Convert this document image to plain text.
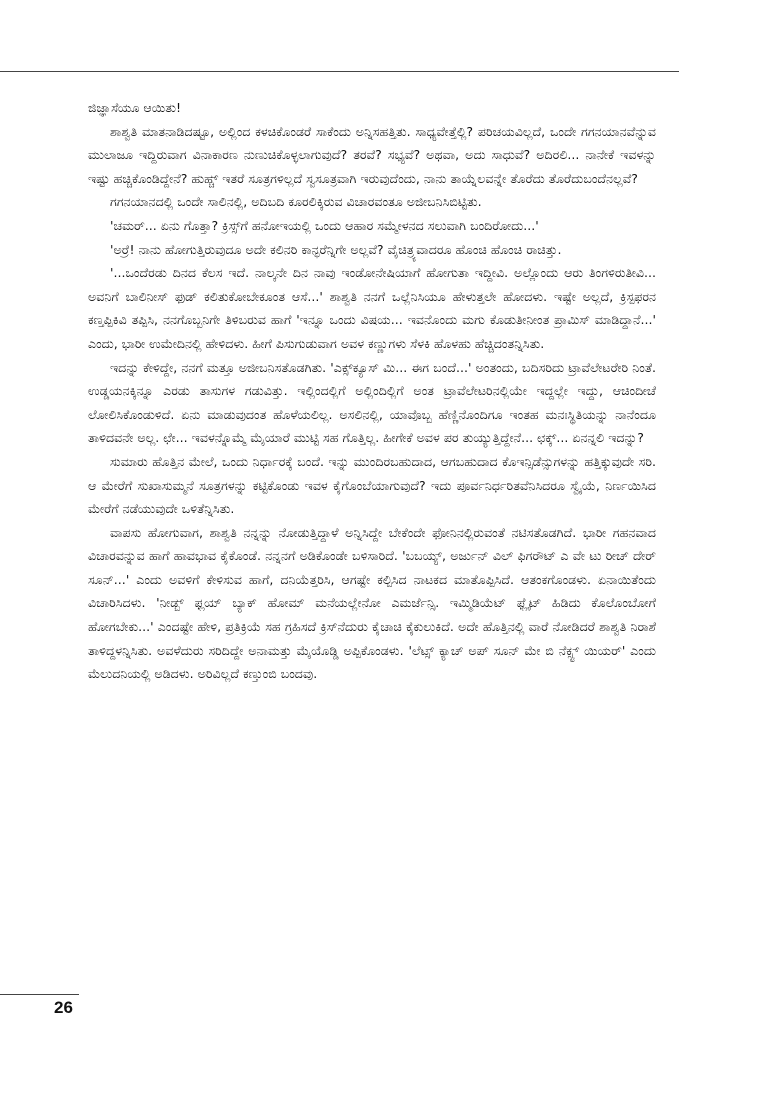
ಜಿಜ್ಞಾಸೆಯೂ ಆಯಿತು!

ಶಾಶ್ವತಿ ಮಾತನಾಡಿದಷ್ಟೂ, ಅಲ್ಲಿಂದ ಕಳಚಿಕೊಂಡರೆ ಸಾಕೆಂದು ಅನ್ನಿಸಹತ್ತಿತು. ಸಾಧ್ಯವೇತ್ತೆಲ್ಲಿ? ಪರಿಚಯವಿಲ್ಲದೆ, ಒಂದೇ ಗಗನಯಾನವೆನ್ನುವ ಮುಲಾಜೂ ಇದ್ದಿರುವಾಗ ವಿನಾಕಾರಣ ನುಣುಚಿಕೊಳ್ಳಲಾಗುವುದೆ? ತರವೆ? ಸಭ್ಯವೆ? ಅಥವಾ, ಅದು ಸಾಧುವೆ? ಅದಿರಲಿ... ನಾನೇಕೆ ಇವಳನ್ನು ಇಷ್ಟು ಹಚ್ಚಿಕೊಂಡಿದ್ದೇನೆ? ಹುಹ್ಚ್ ಇತರೆ ಸೂತ್ರಗಳಿಲ್ಲದೆ ಸ್ವಸೂತ್ರವಾಗಿ ಇರುವುದೆಂದು, ನಾನು ತಾಯ್ನೆಲವನ್ನೇ ತೊರೆದು ತೊರೆದುಬಂದೆನಲ್ಲವೆ?

ಗಗನಯಾನದಲ್ಲಿ ಒಂದೇ ಸಾಲಿನಲ್ಲಿ, ಅದಿಬದಿ ಕೂರಲಿಕ್ಕಿರುವ ವಿಚಾರವಂತೂ ಅಜೀಬನಿಸಿಬಿಟ್ಟಿತು.

'ಚಮರ್... ಏನು ಗೊತ್ತಾ? ಕ್ರಿಸ್ಸ್‌ಗೆ ಹನೋಇಯಲ್ಲಿ ಒಂದು ಆಹಾರ ಸಮ್ಮೇಳನದ ಸಲುವಾಗಿ ಬಂದಿರೋದು...'

'ಅರ್ರೆ! ನಾನು ಹೋಗುತ್ತಿರುವುದೂ ಅದೇ ಕಲಿನರಿ ಕಾನ್ಫರೆನ್ನಿಗೇ ಅಲ್ಲವೆ? ವೈಚಿತ್ರ್ಯವಾದರೂ ಹೊಂಚಿ ಹೊಂಚಿ ರಾಚಿತ್ತು.

'...ಒಂದೆರಡು ದಿನದ ಕೆಲಸ ಇದೆ. ನಾಲ್ಕನೇ ದಿನ ನಾವು ಇಂಡೋನೇಷಿಯಾಗೆ ಹೋಗುತಾ ಇದ್ದೀವಿ. ಅಲ್ಲೊಂದು ಆರು ತಿಂಗಳಿರುತೀವಿ... ಅವನಿಗೆ ಬಾಲಿನೀಸ್ ಫುಡ್ ಕಲಿತುಕೋಬೇಕೂಂತ ಆಸೆ...' ಶಾಶ್ವತಿ ನನಗೆ ಒಲ್ಲೆನಿಸಿಯೂ ಹೇಳುತ್ತಲೇ ಹೋದಳು. ಇಷ್ಟೇ ಅಲ್ಲದೆ, ಕ್ರಿಸ್ಪಫರನ ಕಣ್ತಪ್ಪಿಕಿವಿ ತಪ್ಪಿಸಿ, ನನಗೊಬ್ಬನಿಗೇ ತಿಳಿಬರುವ ಹಾಗೆ 'ಇನ್ನೂ ಒಂದು ವಿಷಯ... ಇವನೊಂದು ಮಗು ಕೊಡುತೀನೀಂತ ಪ್ರಾಮಿಸ್ ಮಾಡಿದ್ದಾನೆ...' ಎಂದು, ಭಾರೀ ಉಮೇದಿನಲ್ಲಿ ಹೇಳಿದಳು. ಹೀಗೆ ಪಿಸುಗುಡುವಾಗ ಅವಳ ಕಣ್ಣುಗಳು ಸೆಳಕಿ ಹೊಳಹು ಹೆಚ್ಚಿದಂತನ್ನಿಸಿತು.

ಇದನ್ನು ಕೇಳಿದ್ದೇ, ನನಗೆ ಮತ್ತೂ ಅಜೀಬನಿಸತೊಡಗಿತು. 'ಎಕ್ಸ್‌ಕ್ಯೂಸ್ ಮಿ... ಈಗ ಬಂದೆ...' ಅಂತಂದು, ಬದಿಸರಿದು ಟ್ರಾವೆಲೇಟರೇರಿ ನಿಂತೆ. ಉಡ್ಡಯನಕ್ಕಿನ್ನೂ ಎರಡು ತಾಸುಗಳ ಗಡುವಿತ್ತು. ಇಲ್ಲಿಂದಲ್ಲಿಗೆ ಅಲ್ಲಿಂದಿಲ್ಲಿಗೆ ಅಂತ ಟ್ರಾವೆಲೇಟರಿನಲ್ಲಿಯೇ ಇದ್ದಲ್ಲೇ ಇದ್ದು, ಆಚಿಂದೀಚೆ ಲೋಲಿಸಿಕೊಂಡುಳಿದೆ. ಏನು ಮಾಡುವುದಂತ ಹೊಳೆಯಲಿಲ್ಲ. ಅಸಲಿನಲ್ಲಿ, ಯಾವೊಬ್ಬ ಹೆಣ್ಣಿನೊಂದಿಗೂ ಇಂತಹ ಮನಃಸ್ಥಿತಿಯನ್ನು ನಾನೆಂದೂ ತಾಳಿದವನೇ ಅಲ್ಲ. ಛೇ... ಇವಳನ್ನೊಮ್ಮೆ ಮೈಯಾರೆ ಮುಟ್ಟಿ ಸಹ ಗೊತ್ತಿಲ್ಲ. ಹೀಗೇಕೆ ಅವಳ ಪರ ತುಯ್ಯುತ್ತಿದ್ದೇನೆ... ಛಕ್ಕ್... ಏನನ್ನಲಿ ಇದನ್ನು?

ಸುಮಾರು ಹೊತ್ತಿನ ಮೇಲೆ, ಒಂದು ನಿರ್ಧಾರಕ್ಕೆ ಬಂದೆ. ಇನ್ನು ಮುಂದಿರಬಹುದಾದ, ಆಗಬಹುದಾದ ಕೊಇನ್ಸಿಡೆನ್ಸುಗಳನ್ನು ಹತ್ತಿಕ್ಕುವುದೇ ಸರಿ. ಆ ಮೇರೆಗೆ ಸುಖಾಸುಮ್ಮನೆ ಸೂತ್ರಗಳನ್ನು ಕಟ್ಟಿಕೊಂಡು ಇವಳ ಕೈಗೊಂಬೆಯಾಗುವುದೆ? ಇದು ಪೂರ್ವನಿರ್ಧರಿತವೆನಿಸಿದರೂ ಸ್ವೈಯೆ, ನಿರ್ಣಯಿಸಿದ ಮೇರೆಗೆ ನಡೆಯುವುದೇ ಒಳಿತೆನ್ನಿಸಿತು.

ವಾಪಸು ಹೋಗುವಾಗ, ಶಾಶ್ವತಿ ನನ್ನನ್ನು ನೋಡುತ್ತಿದ್ದಾಳೆ ಅನ್ನಿಸಿದ್ದೇ ಬೇಕೆಂದೇ ಫೋನಿನಲ್ಲಿರುವಂತೆ ನಟಿಸತೊಡಗಿದೆ. ಭಾರೀ ಗಹನವಾದ ವಿಚಾರವನ್ನುವ ಹಾಗೆ ಹಾವಭಾವ ಕೈಕೊಂಡೆ. ನನ್ನನಗೆ ಅಡಿಕೊಂಡೇ ಬಳಿಸಾರಿದೆ. 'ಬಬಯ್ಯ್, ಅರ್ಜುನ್ ವಿಲ್ ಫಿಗರೌಟ್ ಎ ವೇ ಟು ರೀಚ್ ದೇರ್ ಸೂನ್...' ಎಂದು ಅವಳಿಗೆ ಕೇಳಿಸುವ ಹಾಗೆ, ದನಿಯೆತ್ತರಿಸಿ, ಆಗಷ್ಟೇ ಕಲ್ಪಿಸಿದ ನಾಟಕದ ಮಾತೊಪ್ಪಿಸಿದೆ. ಆತಂಕಗೊಂಡಳು. ಏನಾಯಿತೆಂದು ವಿಚಾರಿಸಿದಳು. 'ನೀಡ್ಬ್ ಫ್ಲಯ್ ಬ್ಯಾಕ್ ಹೋಮ್ ಮನೆಯಲ್ಲೇನೋ ಎಮರ್ಜೆನ್ಸಿ. ಇಮ್ಮಿಡಿಯೆಟ್ ಫ್ಲೈಟ್ ಹಿಡಿದು ಕೊಲೊಂಬೋಗೆ ಹೋಗಬೇಕು...' ಎಂದಷ್ಟೇ ಹೇಳಿ, ಪ್ರತಿಕ್ರಿಯೆ ಸಹ ಗ್ರಹಿಸದೆ ಕ್ರಿಸ್‌ನೆದುರು ಕೈಚಾಚಿ ಕೈಕುಲುಕಿದೆ. ಅದೇ ಹೊತ್ತಿನಲ್ಲಿ ವಾರೆ ನೋಡಿದರೆ ಶಾಶ್ವತಿ ನಿರಾಶೆ ತಾಳಿದ್ದಳನ್ನಿಸಿತು. ಅವಳೆದುರು ಸರಿದಿದ್ದೇ ಅನಾಮತ್ತು ಮೈಯೊಡ್ಡಿ ಅಪ್ಪಿಕೊಂಡಳು. 'ಲೆಟ್ಸ್ ಕ್ಯಾಚ್ ಅಪ್ ಸೂನ್ ಮೇ ಬಿ ನೆಕ್ಸ್ಟ್ ಯಿಯರ್' ಎಂದು ಮೆಲುದನಿಯಲ್ಲಿ ಅಡಿದಳು. ಅರಿವಿಲ್ಲದೆ ಕಣ್ತುಂಬಿ ಬಂದವು.

26
